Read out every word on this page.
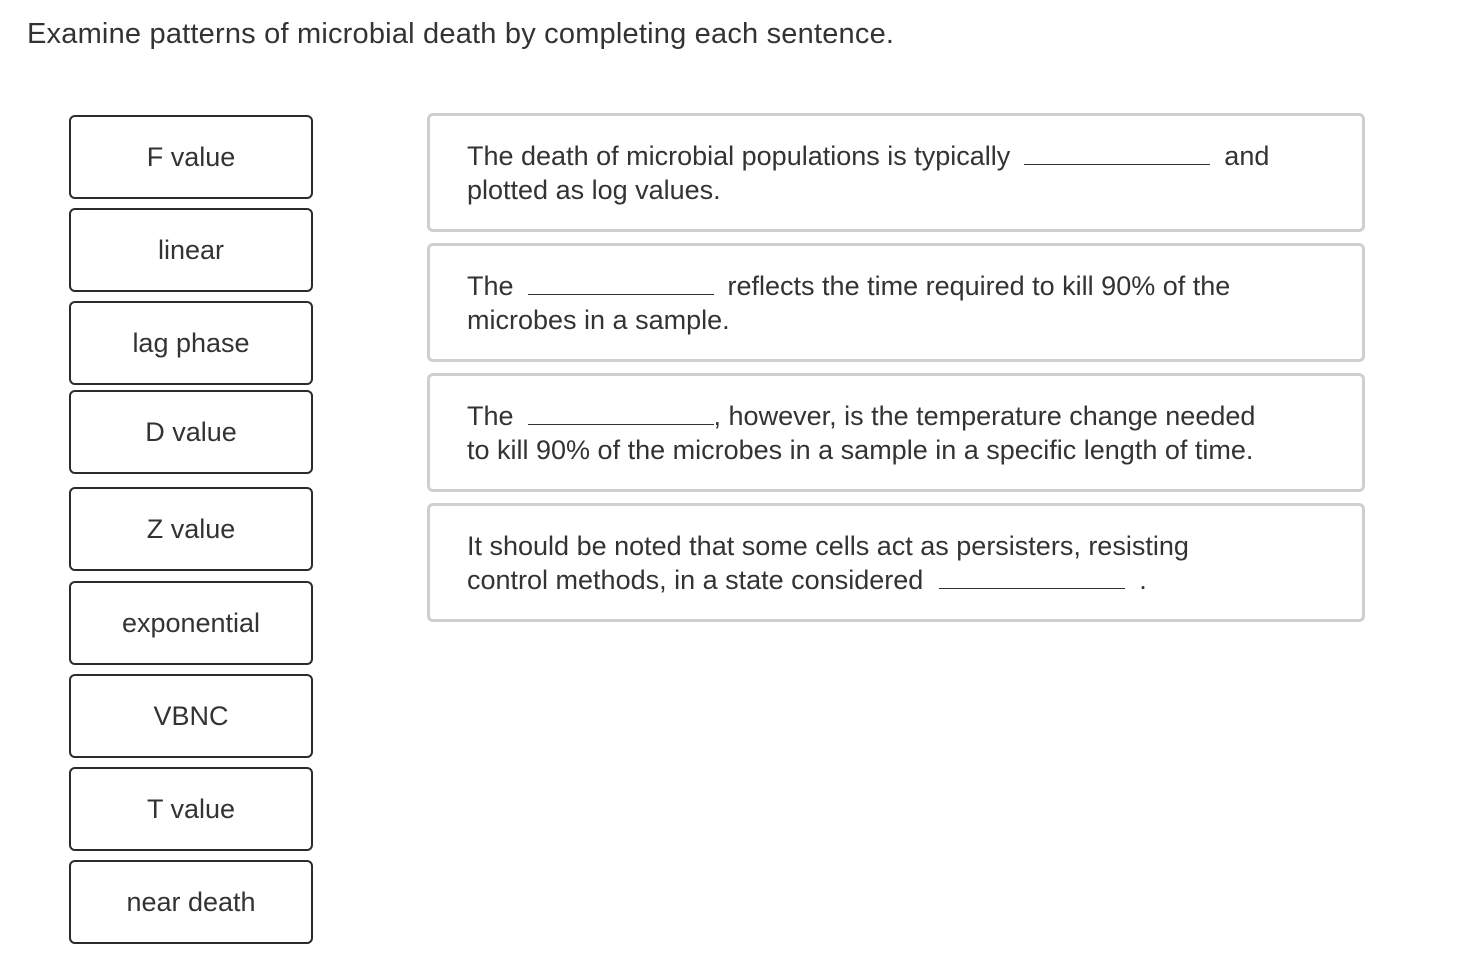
Examine patterns of microbial death by completing each sentence.
F value
linear
lag phase
D value
Z value
exponential
VBNC
T value
near death
The death of microbial populations is typically	and
plotted as log values.
The	reflects the time required to kill 90% of the
microbes in a sample.
The	, however, is the temperature change needed
to kill 90% of the microbes in a sample in a specific length of time.
It should be noted that some cells act as persisters, resisting
control methods, in a state considered	.
